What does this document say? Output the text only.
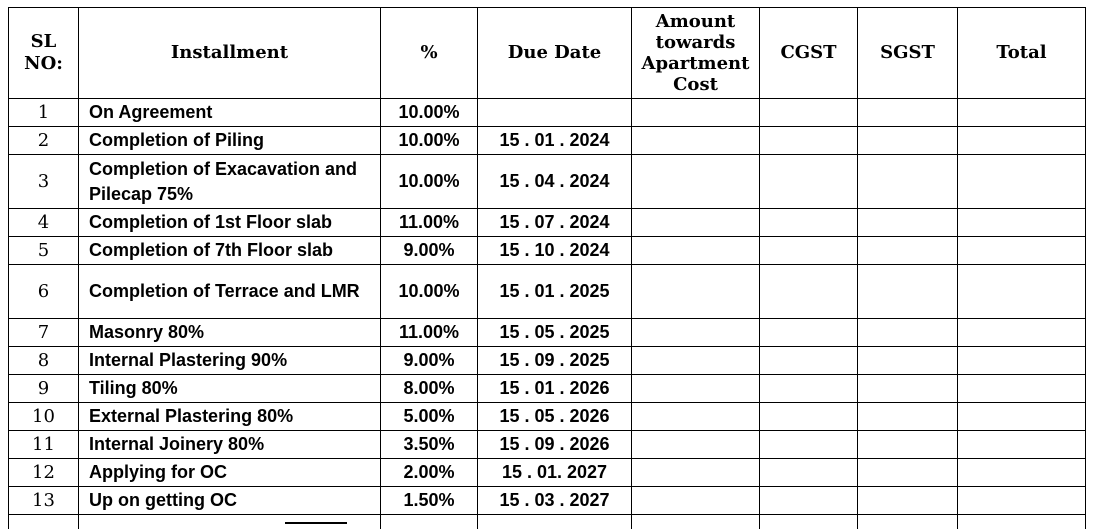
SL NO:	Installment	%	Due Date	Amount towards Apartment Cost	CGST	SGST	Total
1	On Agreement	10.00%					
2	Completion of Piling	10.00%	15 . 01 . 2024				
3	Completion of Exacavation and Pilecap 75%	10.00%	15 . 04 . 2024				
4	Completion of 1st Floor slab	11.00%	15 . 07 . 2024				
5	Completion of 7th Floor slab	9.00%	15 . 10 . 2024				
6	Completion of Terrace and LMR	10.00%	15 . 01 . 2025				
7	Masonry 80%	11.00%	15 . 05 . 2025				
8	Internal Plastering 90%	9.00%	15 . 09 . 2025				
9	Tiling 80%	8.00%	15 . 01 . 2026				
10	External Plastering 80%	5.00%	15 . 05 . 2026				
11	Internal Joinery 80%	3.50%	15 . 09 . 2026				
12	Applying for OC	2.00%	15 . 01. 2027				
13	Up on getting OC	1.50%	15 . 03 . 2027				
